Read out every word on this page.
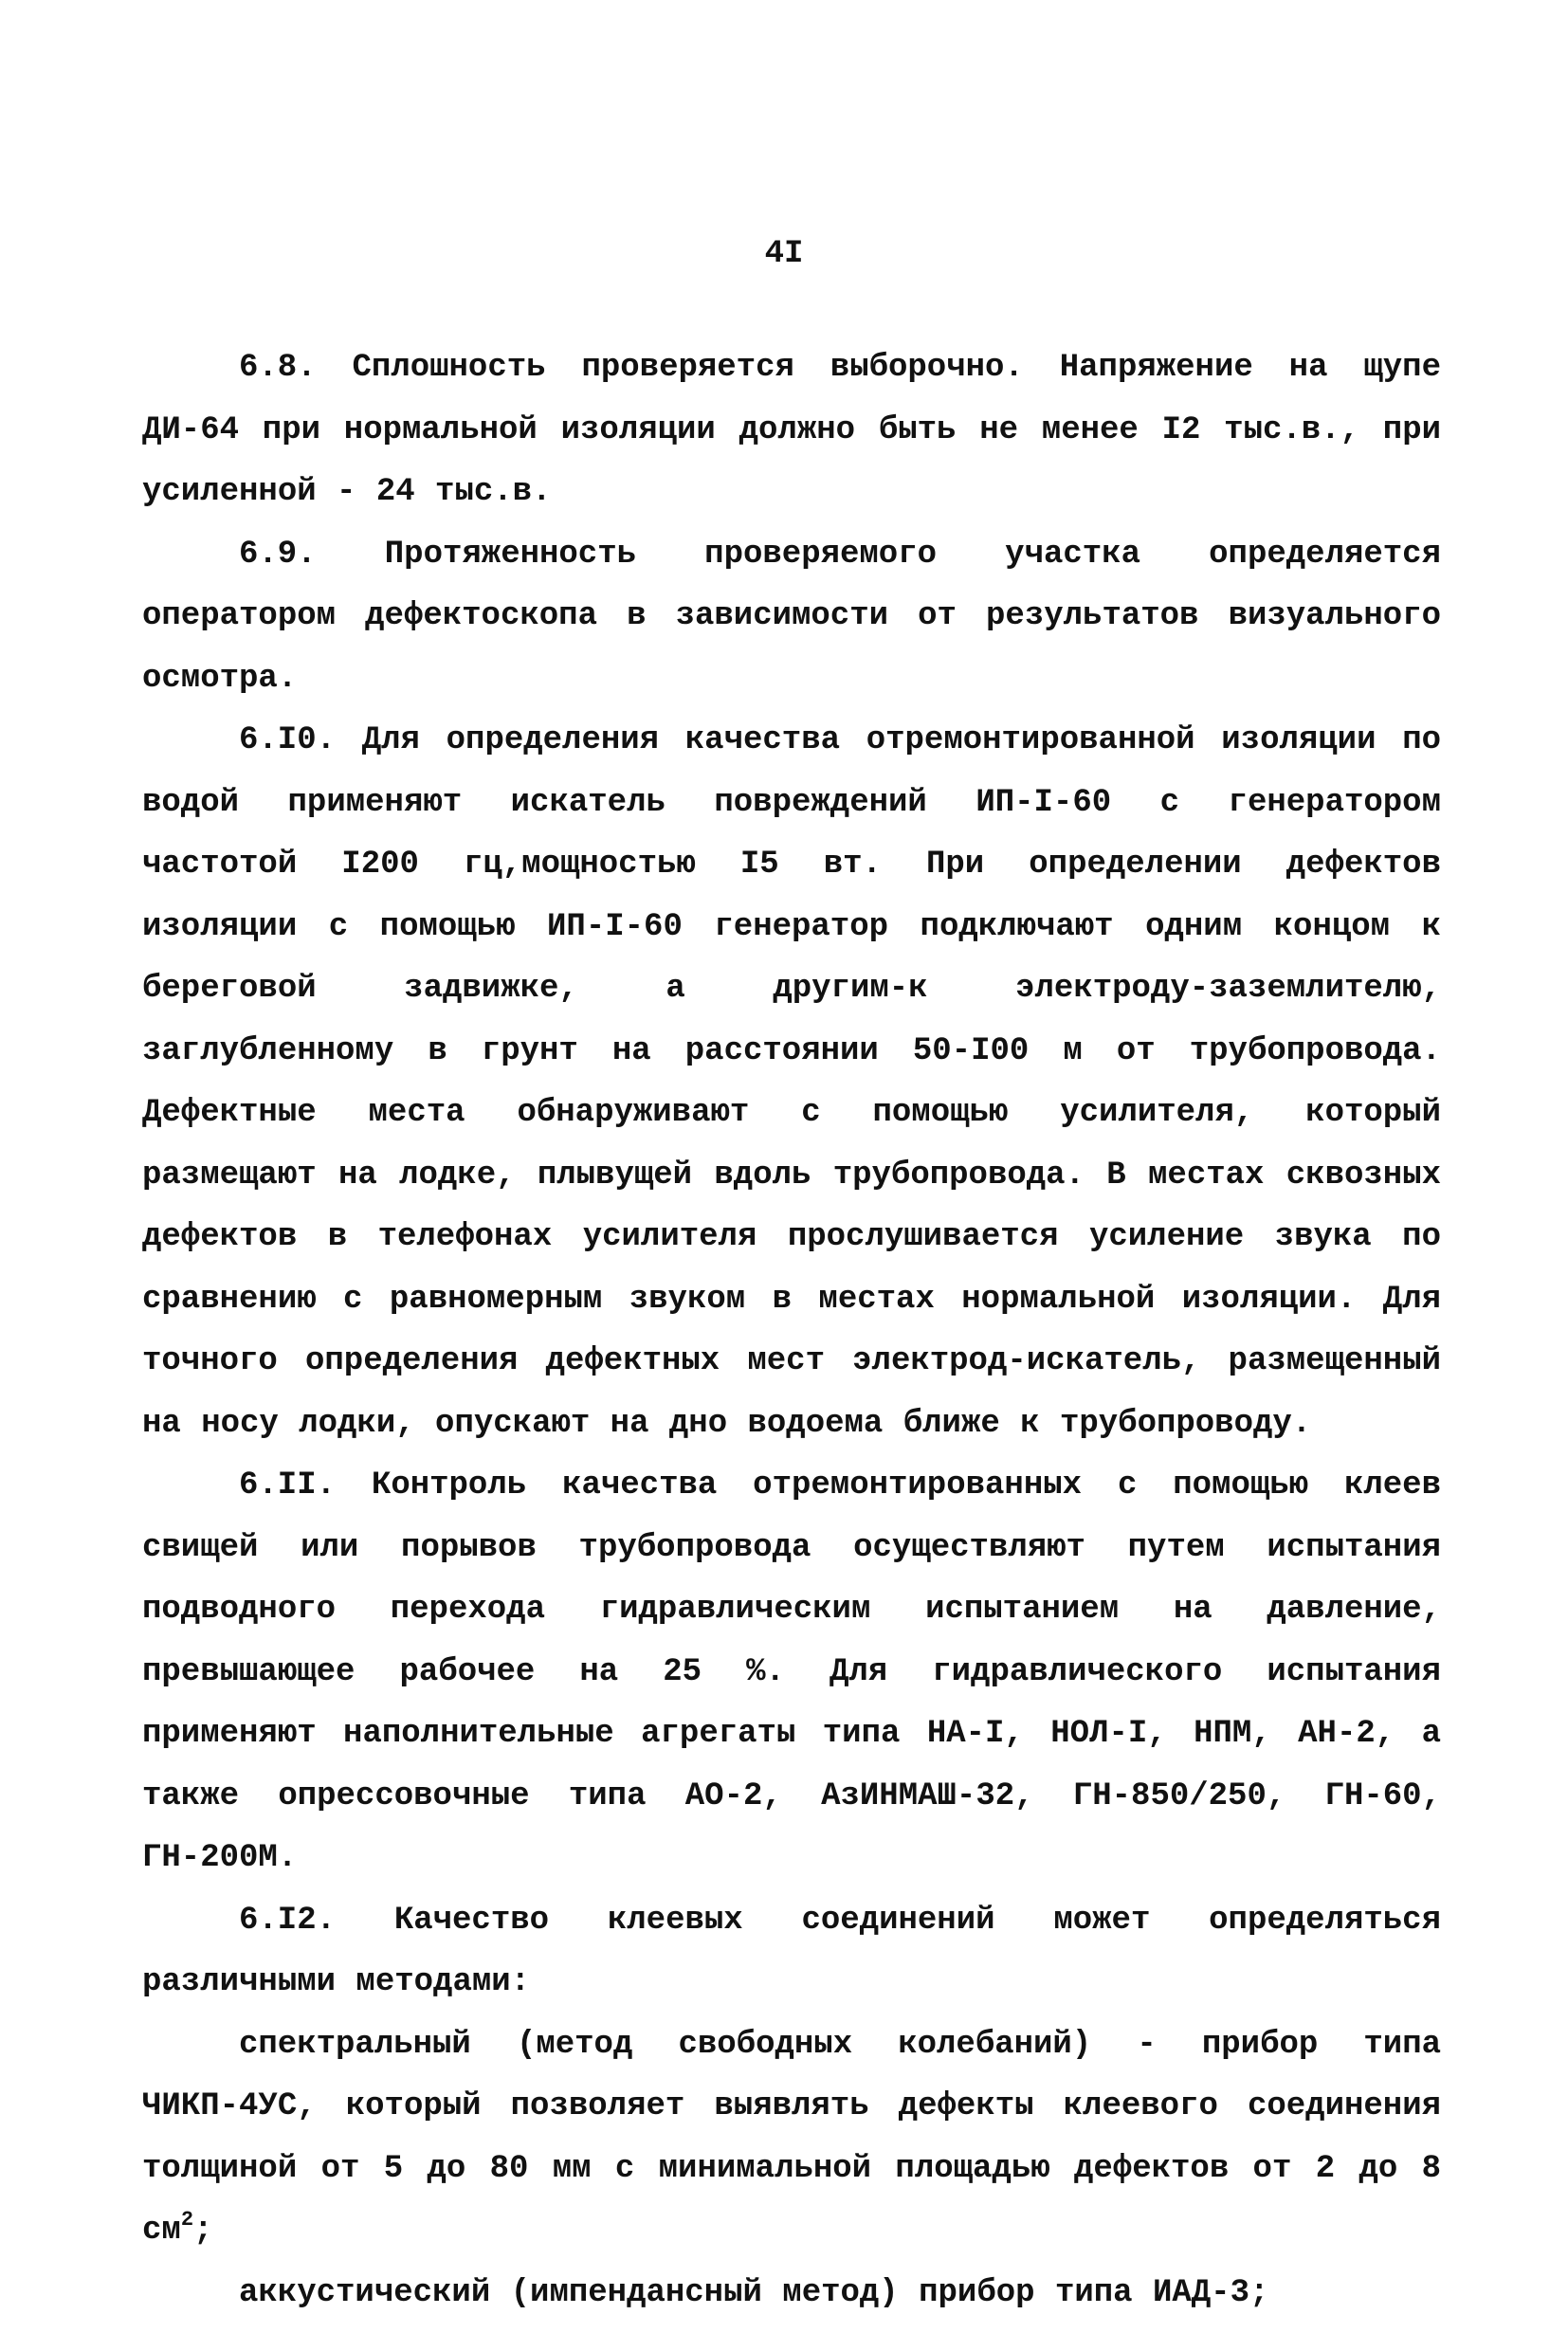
4I

6.8. Сплошность проверяется выборочно. Напряжение на щупе ДИ-64 при нормальной изоляции должно быть не менее I2 тыс.в., при усиленной - 24 тыс.в.

6.9. Протяженность проверяемого участка определяется оператором дефектоскопа в зависимости от результатов визуального осмотра.

6.I0. Для определения качества отремонтированной изоляции по водой применяют искатель повреждений ИП-I-60 с генератором частотой I200 гц,мощностью I5 вт. При определении дефектов изоляции с помощью ИП-I-60 генератор подключают одним концом к береговой задвижке, а другим-к электроду-заземлителю, заглубленному в грунт на расстоянии 50-I00 м от трубопровода. Дефектные места обнаруживают с помощью усилителя, который размещают на лодке, плывущей вдоль трубопровода. В местах сквозных дефектов в телефонах усилителя прослушивается усиление звука по сравнению с равномерным звуком в местах нормальной изоляции. Для точного определения дефектных мест электрод-искатель, размещенный на носу лодки, опускают на дно водоема ближе к трубопроводу.

6.II. Контроль качества отремонтированных с помощью клеев свищей или порывов трубопровода осуществляют путем испытания подводного перехода гидравлическим испытанием на давление, превышающее рабочее на 25 %. Для гидравлического испытания применяют наполнительные агрегаты типа НА-I, НОЛ-I, НПМ, АН-2, а также опрессовочные типа АО-2, АзИНМАШ-32, ГН-850/250, ГН-60, ГН-200М.

6.I2. Качество клеевых соединений может определяться различными методами:

спектральный (метод свободных колебаний) - прибор типа ЧИКП-4УС, который позволяет выявлять дефекты клеевого соединения толщиной от 5 до 80 мм с минимальной площадью дефектов от 2 до 8 $см^2$;

аккустический (импендансный метод) прибор типа ИАД-3;
